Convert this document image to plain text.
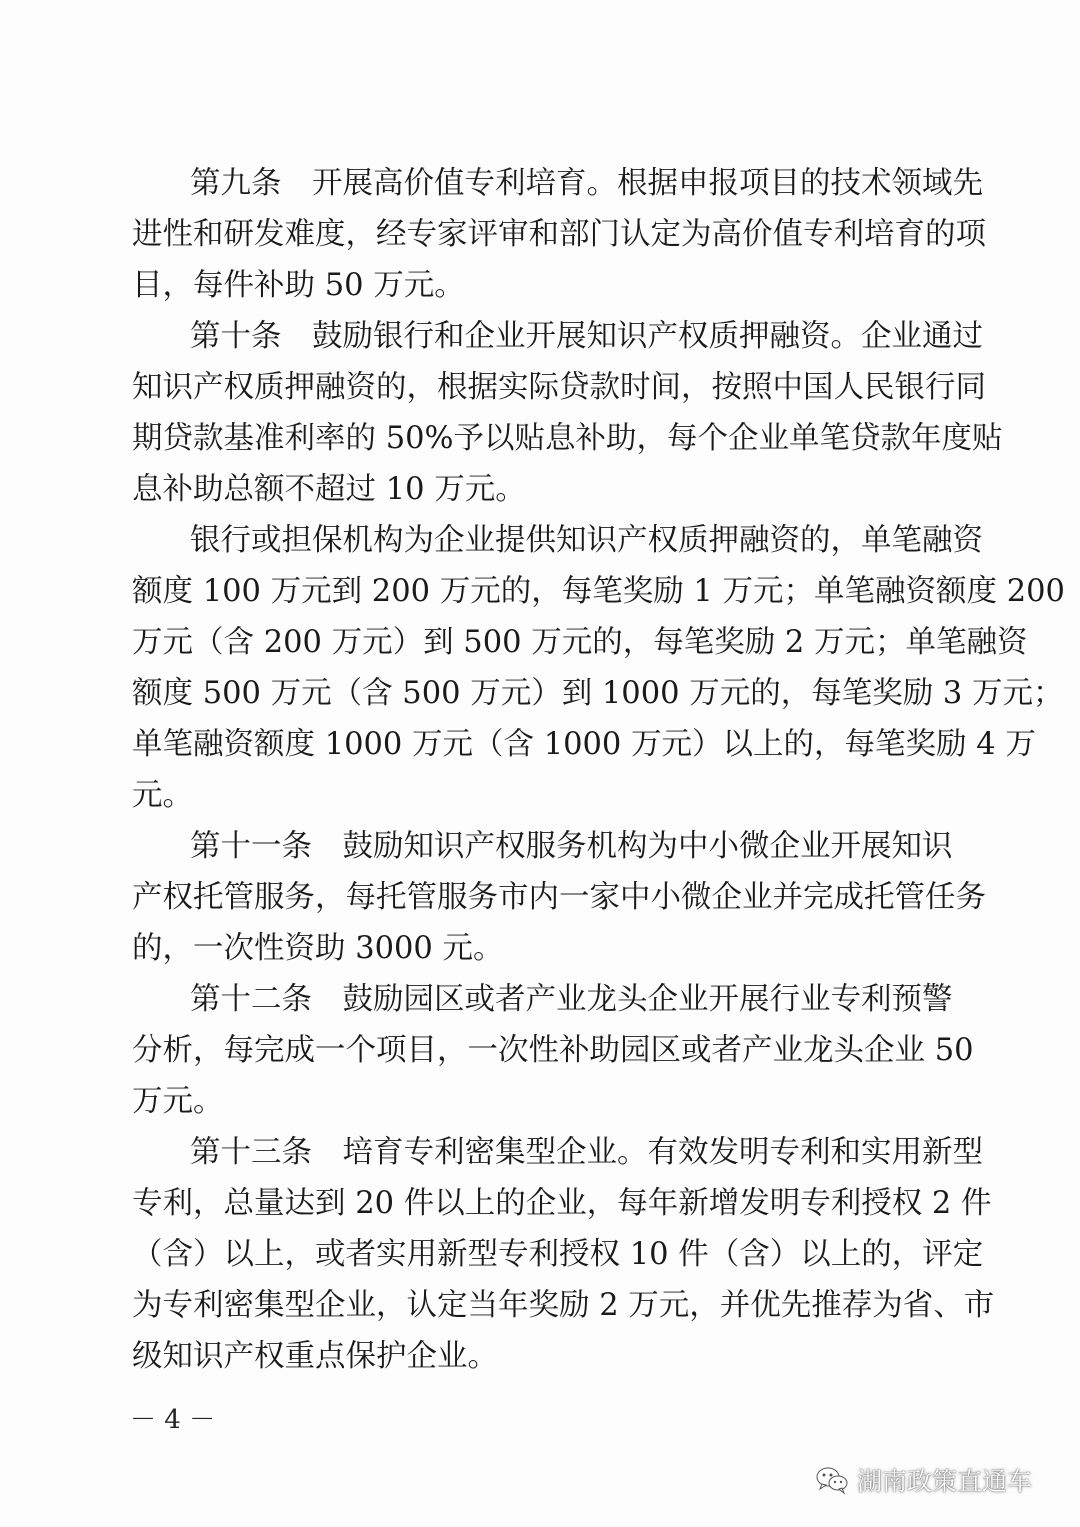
第九条　开展高价值专利培育。根据申报项目的技术领域先
进性和研发难度，经专家评审和部门认定为高价值专利培育的项
目，每件补助 50 万元。
第十条　鼓励银行和企业开展知识产权质押融资。企业通过
知识产权质押融资的，根据实际贷款时间，按照中国人民银行同
期贷款基准利率的 50%予以贴息补助，每个企业单笔贷款年度贴
息补助总额不超过 10 万元。
银行或担保机构为企业提供知识产权质押融资的，单笔融资
额度 100 万元到 200 万元的，每笔奖励 1 万元；单笔融资额度 200
万元（含 200 万元）到 500 万元的，每笔奖励 2 万元；单笔融资
额度 500 万元（含 500 万元）到 1000 万元的，每笔奖励 3 万元；
单笔融资额度 1000 万元（含 1000 万元）以上的，每笔奖励 4 万
元。
第十一条　鼓励知识产权服务机构为中小微企业开展知识
产权托管服务，每托管服务市内一家中小微企业并完成托管任务
的，一次性资助 3000 元。
第十二条　鼓励园区或者产业龙头企业开展行业专利预警
分析，每完成一个项目，一次性补助园区或者产业龙头企业 50
万元。
第十三条　培育专利密集型企业。有效发明专利和实用新型
专利，总量达到 20 件以上的企业，每年新增发明专利授权 2 件
（含）以上，或者实用新型专利授权 10 件（含）以上的，评定
为专利密集型企业，认定当年奖励 2 万元，并优先推荐为省、市
级知识产权重点保护企业。
－ 4 －
湖南政策直通车
